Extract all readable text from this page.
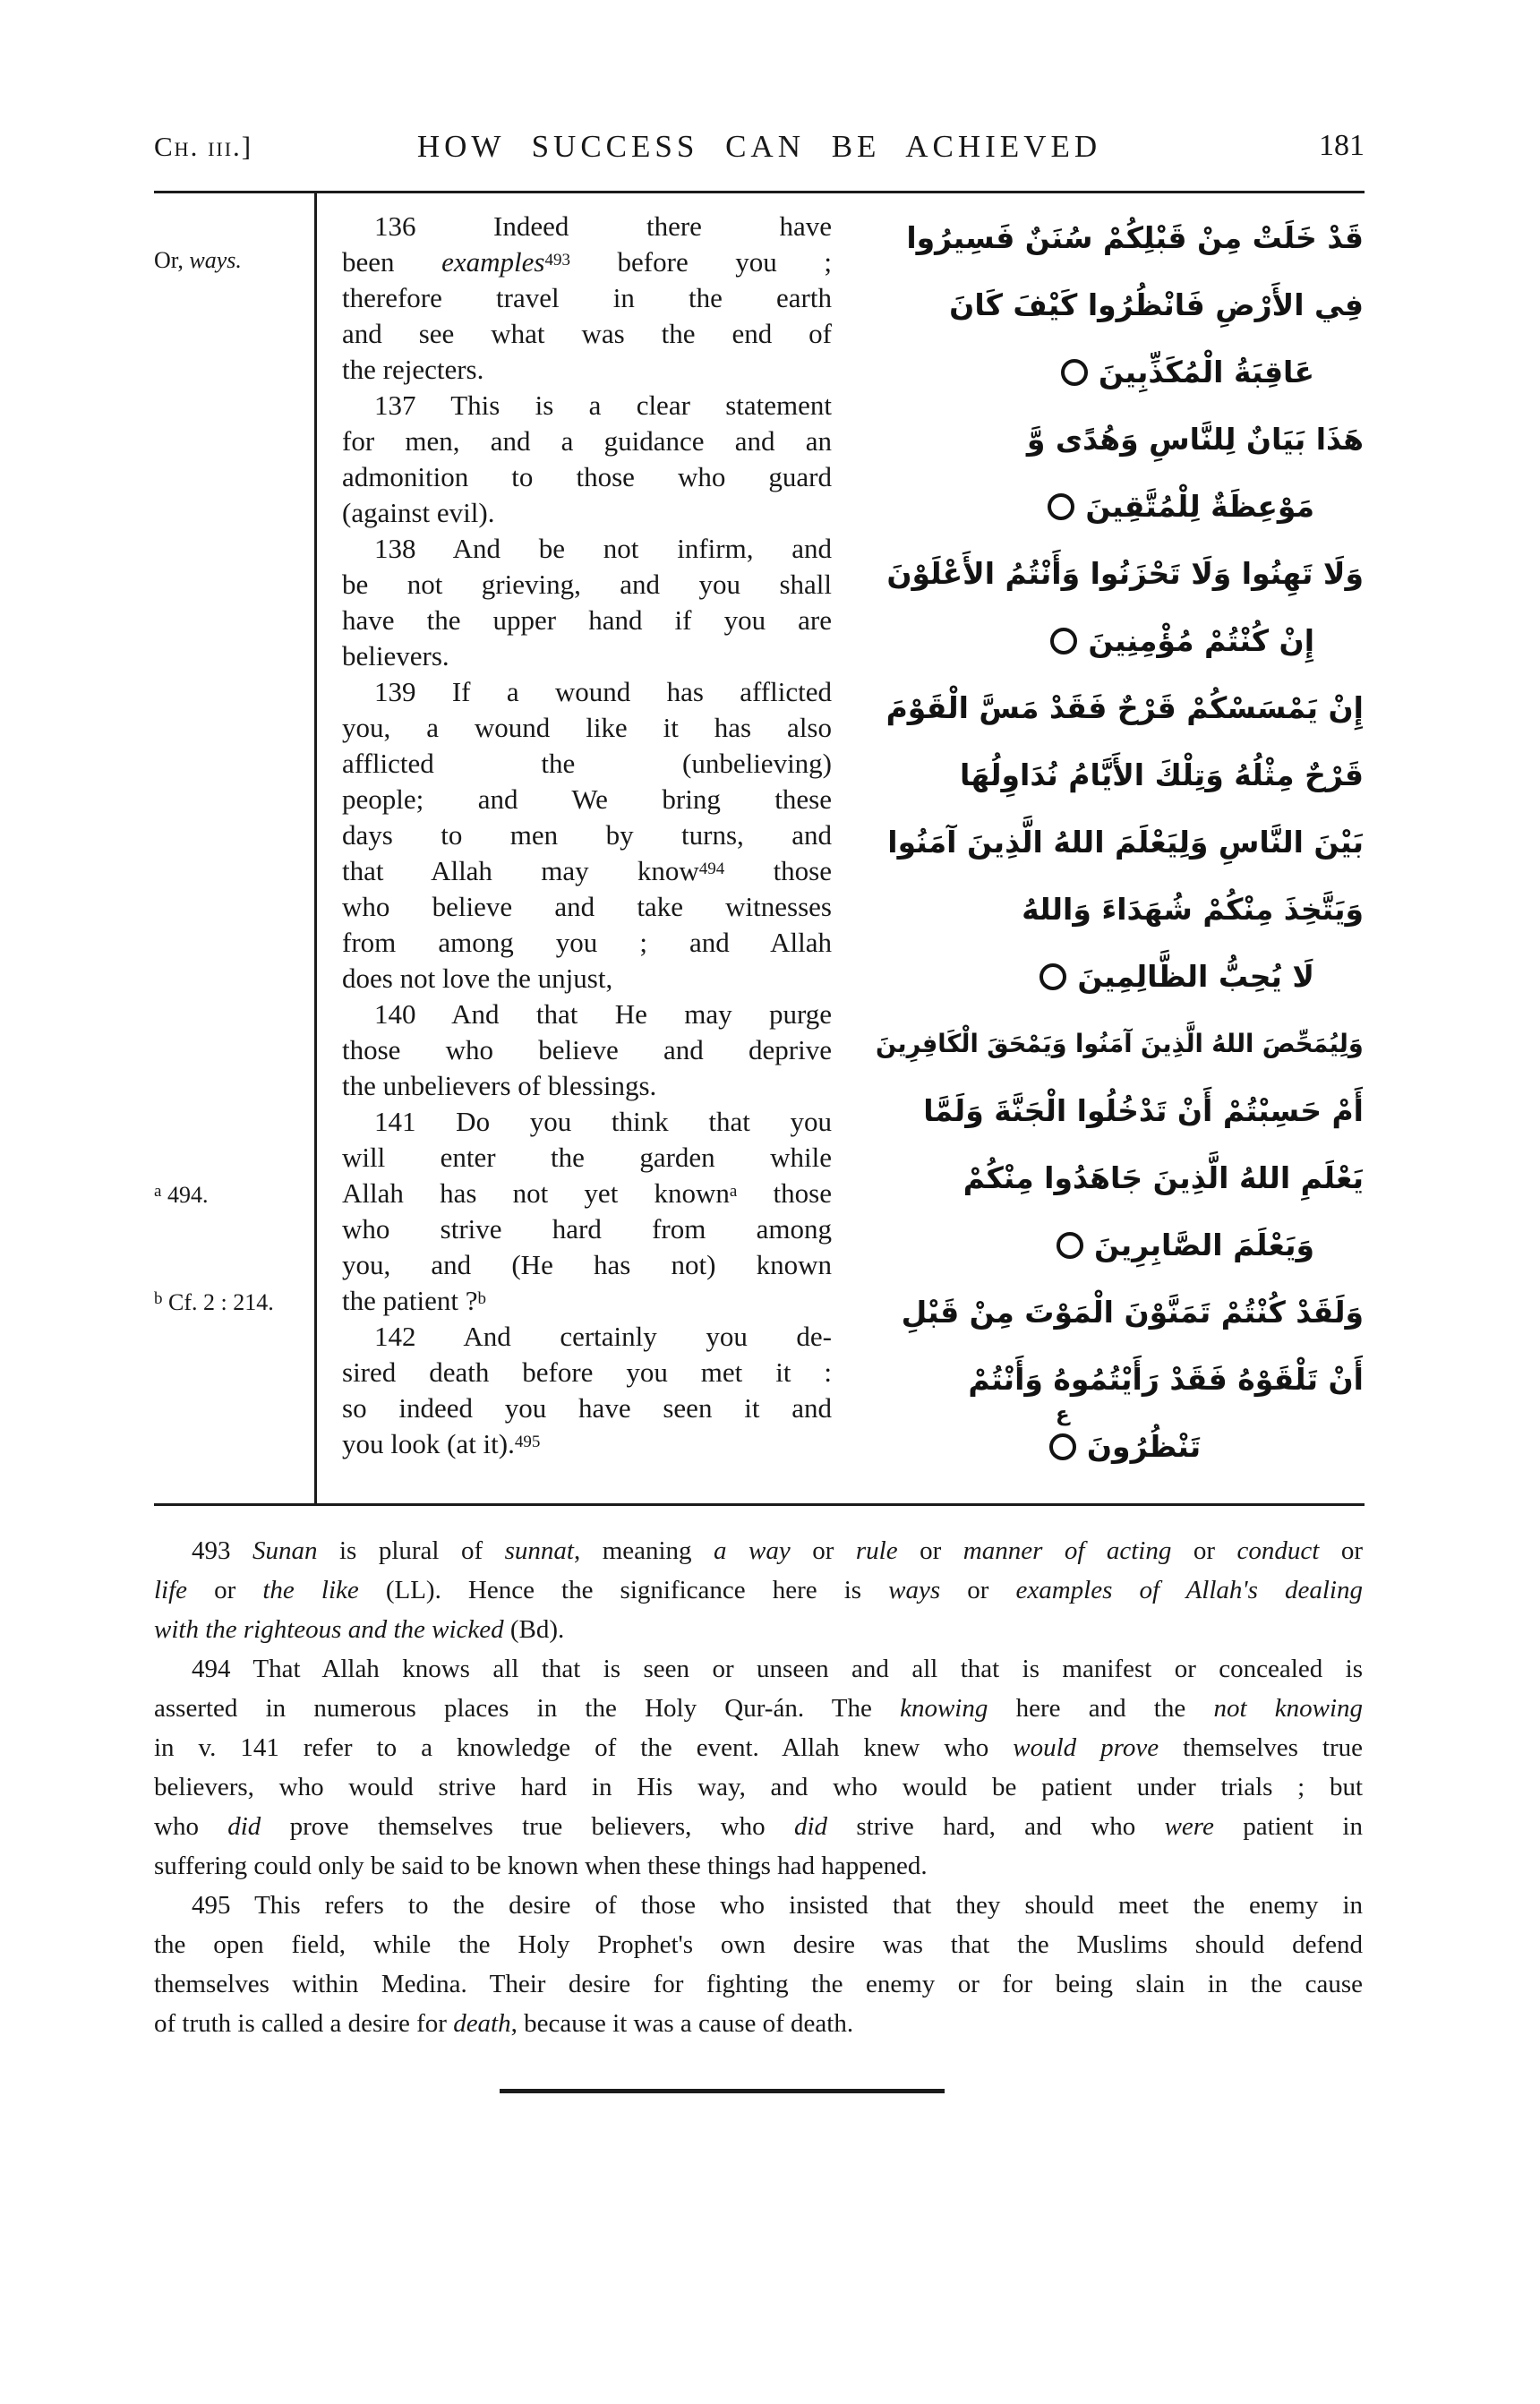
Ch. iii.]	HOW SUCCESS CAN BE ACHIEVED	181
Or, ways.
$^a$ 494.
$^b$ Cf. 2 : 214.
136 Indeed there have
been examples$^{493}$ before you ;
therefore travel in the earth
and see what was the end of
the rejecters.
137 This is a clear statement
for men, and a guidance and an
admonition to those who guard
(against evil).
138 And be not infirm, and
be not grieving, and you shall
have the upper hand if you are
believers.
139 If a wound has afflicted
you, a wound like it has also
afflicted the (unbelieving)
people; and We bring these
days to men by turns, and
that Allah may know$^{494}$ those
who believe and take witnesses
from among you ; and Allah
does not love the unjust,
140 And that He may purge
those who believe and deprive
the unbelievers of blessings.
141 Do you think that you
will enter the garden while
Allah has not yet known$^a$ those
who strive hard from among
you, and (He has not) known
the patient ?$^b$
142 And certainly you de-
sired death before you met it :
so indeed you have seen it and
you look (at it).$^{495}$
قَدْ خَلَتْ مِنْ قَبْلِكُمْ سُنَنٌ فَسِيرُوا
فِي الأَرْضِ فَانْظُرُوا كَيْفَ كَانَ
عَاقِبَةُ الْمُكَذِّبِينَ
هَذَا بَيَانٌ لِلنَّاسِ وَهُدًى وَّ
مَوْعِظَةٌ لِلْمُتَّقِينَ
وَلَا تَهِنُوا وَلَا تَحْزَنُوا وَأَنْتُمُ الأَعْلَوْنَ
إِنْ كُنْتُمْ مُؤْمِنِينَ
إِنْ يَمْسَسْكُمْ قَرْحٌ فَقَدْ مَسَّ الْقَوْمَ
قَرْحٌ مِثْلُهُ وَتِلْكَ الأَيَّامُ نُدَاوِلُهَا
بَيْنَ النَّاسِ وَلِيَعْلَمَ اللهُ الَّذِينَ آمَنُوا
وَيَتَّخِذَ مِنْكُمْ شُهَدَاءَ وَاللهُ
لَا يُحِبُّ الظَّالِمِينَ
وَلِيُمَحِّصَ اللهُ الَّذِينَ آمَنُوا وَيَمْحَقَ الْكَافِرِينَ
أَمْ حَسِبْتُمْ أَنْ تَدْخُلُوا الْجَنَّةَ وَلَمَّا
يَعْلَمِ اللهُ الَّذِينَ جَاهَدُوا مِنْكُمْ
وَيَعْلَمَ الصَّابِرِينَ
وَلَقَدْ كُنْتُمْ تَمَنَّوْنَ الْمَوْتَ مِنْ قَبْلِ
أَنْ تَلْقَوْهُ فَقَدْ رَأَيْتُمُوهُ وَأَنْتُمْ
تَنْظُرُونَ
ع
493 Sunan is plural of sunnat, meaning a way or rule or manner of acting or conduct or
life or the like (LL). Hence the significance here is ways or examples of Allah's dealing
with the righteous and the wicked (Bd).
494 That Allah knows all that is seen or unseen and all that is manifest or concealed is
asserted in numerous places in the Holy Qur-án. The knowing here and the not knowing
in v. 141 refer to a knowledge of the event. Allah knew who would prove themselves true
believers, who would strive hard in His way, and who would be patient under trials ; but
who did prove themselves true believers, who did strive hard, and who were patient in
suffering could only be said to be known when these things had happened.
495 This refers to the desire of those who insisted that they should meet the enemy in
the open field, while the Holy Prophet's own desire was that the Muslims should defend
themselves within Medina. Their desire for fighting the enemy or for being slain in the cause
of truth is called a desire for death, because it was a cause of death.
